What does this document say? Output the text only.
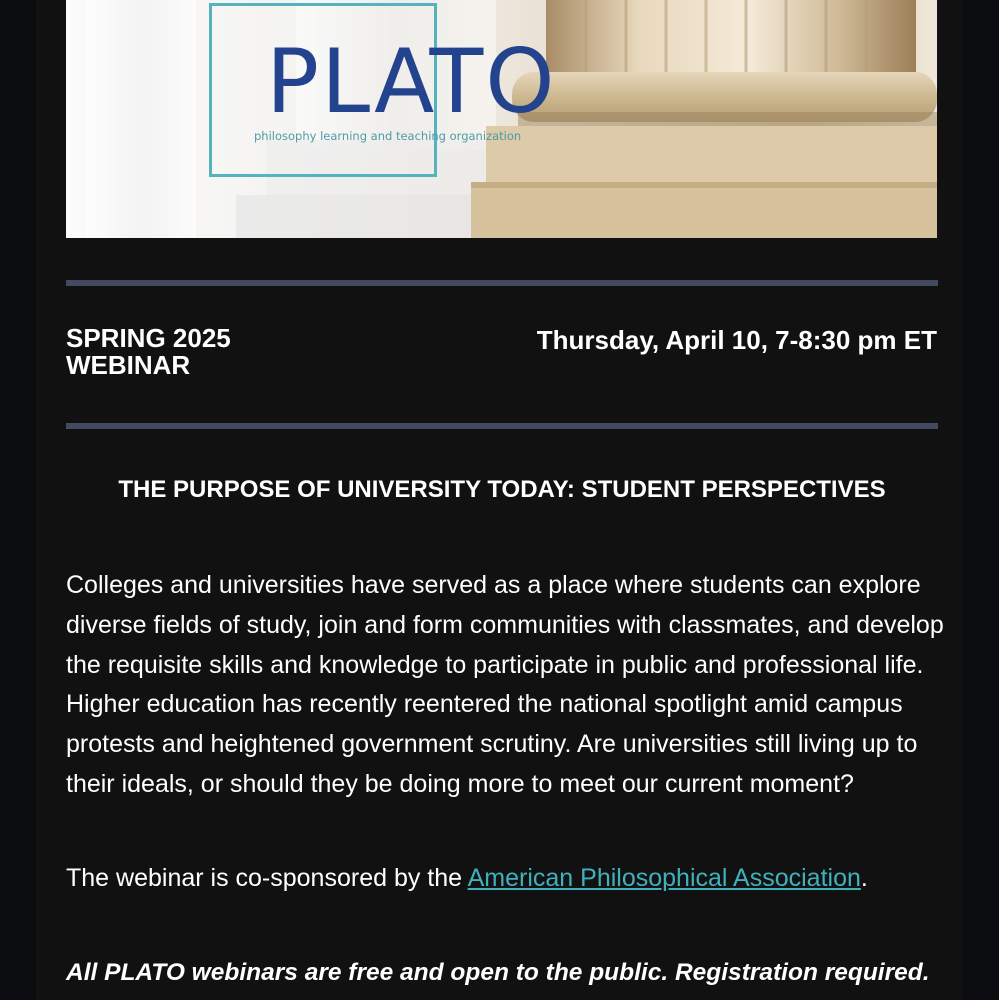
PLATO
philosophy learning and teaching organization
SPRING 2025
WEBINAR
Thursday, April 10, 7-8:30 pm ET
THE PURPOSE OF UNIVERSITY TODAY: STUDENT PERSPECTIVES

Colleges and universities have served as a place where students can explore diverse fields of study, join and form communities with classmates, and develop the requisite skills and knowledge to participate in public and professional life. Higher education has recently reentered the national spotlight amid campus protests and heightened government scrutiny. Are universities still living up to their ideals, or should they be doing more to meet our current moment?

The webinar is co-sponsored by the American Philosophical Association.

All PLATO webinars are free and open to the public. Registration required.
